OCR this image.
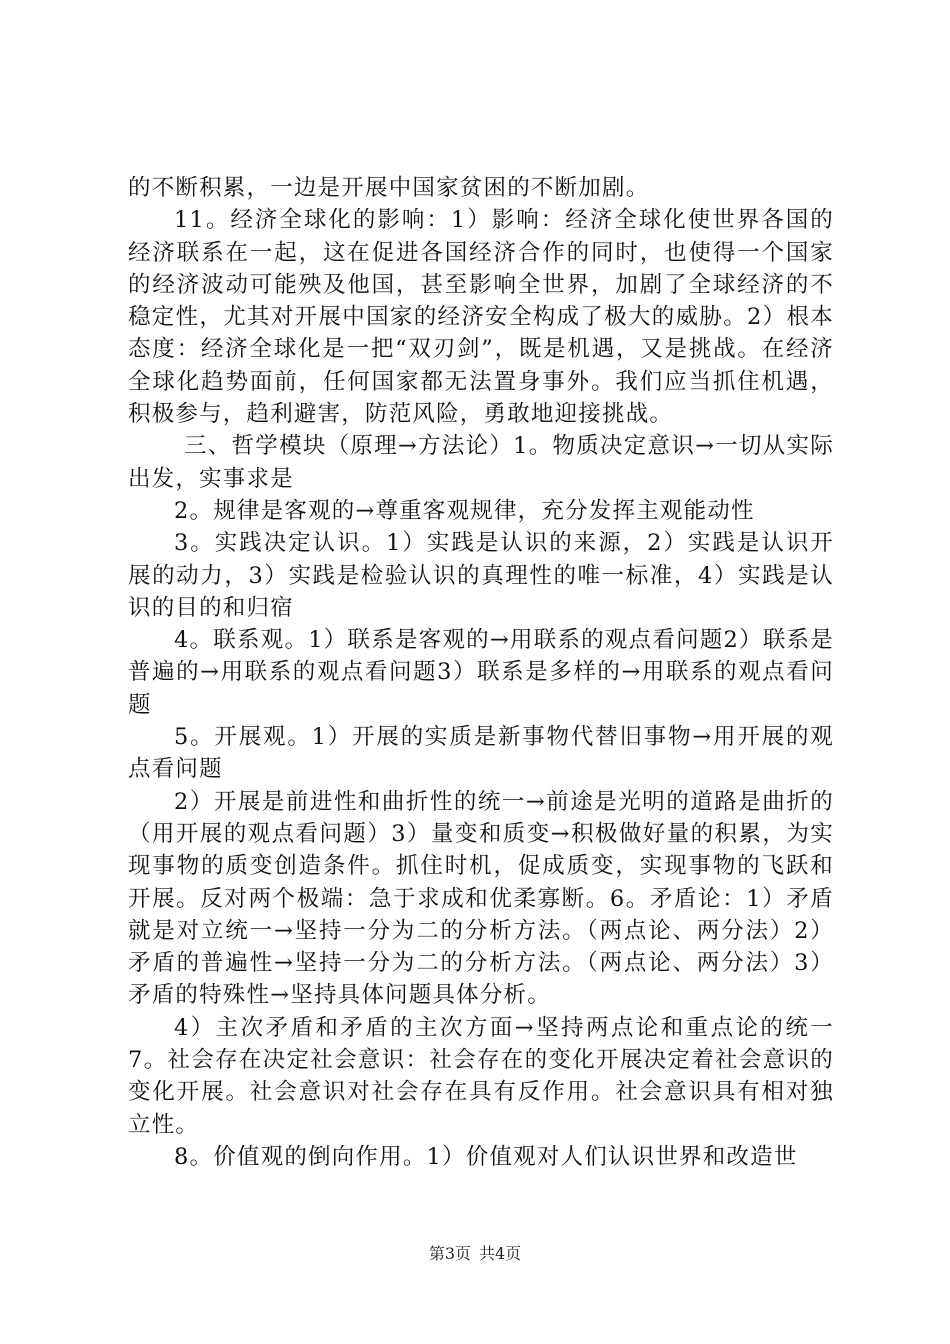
的不断积累，一边是开展中国家贫困的不断加剧。

11。经济全球化的影响：1）影响：经济全球化使世界各国的经济联系在一起，这在促进各国经济合作的同时，也使得一个国家的经济波动可能殃及他国，甚至影响全世界，加剧了全球经济的不稳定性，尤其对开展中国家的经济安全构成了极大的威胁。2）根本态度：经济全球化是一把“双刃剑”，既是机遇，又是挑战。在经济全球化趋势面前，任何国家都无法置身事外。我们应当抓住机遇，积极参与，趋利避害，防范风险，勇敢地迎接挑战。

三、哲学模块（原理→方法论）1。物质决定意识→一切从实际出发，实事求是

2。规律是客观的→尊重客观规律，充分发挥主观能动性

3。实践决定认识。1）实践是认识的来源，2）实践是认识开展的动力，3）实践是检验认识的真理性的唯一标准，4）实践是认识的目的和归宿

4。联系观。1）联系是客观的→用联系的观点看问题2）联系是普遍的→用联系的观点看问题3）联系是多样的→用联系的观点看问题

5。开展观。1）开展的实质是新事物代替旧事物→用开展的观点看问题

2）开展是前进性和曲折性的统一→前途是光明的道路是曲折的（用开展的观点看问题）3）量变和质变→积极做好量的积累，为实现事物的质变创造条件。抓住时机，促成质变，实现事物的飞跃和开展。反对两个极端：急于求成和优柔寡断。6。矛盾论：1）矛盾就是对立统一→坚持一分为二的分析方法。（两点论、两分法）2）矛盾的普遍性→坚持一分为二的分析方法。（两点论、两分法）3）矛盾的特殊性→坚持具体问题具体分析。

4）主次矛盾和矛盾的主次方面→坚持两点论和重点论的统一7。社会存在决定社会意识：社会存在的变化开展决定着社会意识的变化开展。社会意识对社会存在具有反作用。社会意识具有相对独立性。

8。价值观的倒向作用。1）价值观对人们认识世界和改造世

第3页 共4页
